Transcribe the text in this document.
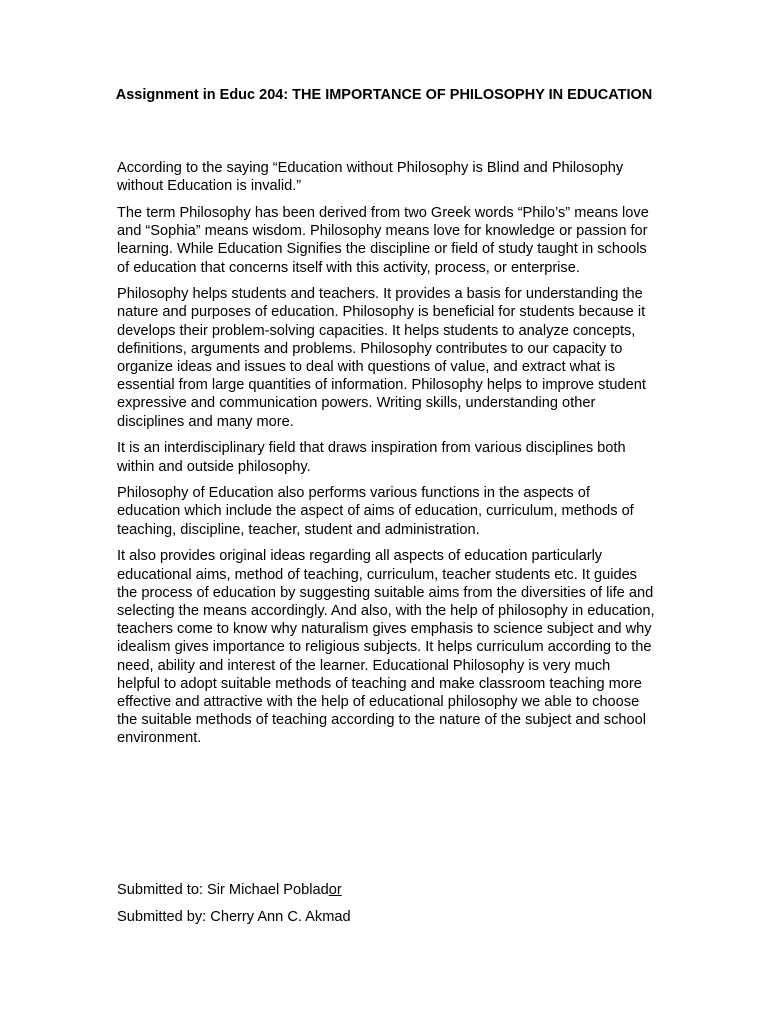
Assignment in Educ 204: THE IMPORTANCE OF PHILOSOPHY IN EDUCATION

According to the saying “Education without Philosophy is Blind and Philosophy without Education is invalid.”

The term Philosophy has been derived from two Greek words “Philo’s” means love and “Sophia” means wisdom. Philosophy means love for knowledge or passion for learning. While Education Signifies the discipline or field of study taught in schools of education that concerns itself with this activity, process, or enterprise.

Philosophy helps students and teachers. It provides a basis for understanding the nature and purposes of education. Philosophy is beneficial for students because it develops their problem-solving capacities. It helps students to analyze concepts, definitions, arguments and problems. Philosophy contributes to our capacity to organize ideas and issues to deal with questions of value, and extract what is essential from large quantities of information. Philosophy helps to improve student expressive and communication powers. Writing skills, understanding other disciplines and many more.

It is an interdisciplinary field that draws inspiration from various disciplines both within and outside philosophy.

Philosophy of Education also performs various functions in the aspects of education which include the aspect of aims of education, curriculum, methods of teaching, discipline, teacher, student and administration.

It also provides original ideas regarding all aspects of education particularly educational aims, method of teaching, curriculum, teacher students etc. It guides the process of education by suggesting suitable aims from the diversities of life and selecting the means accordingly. And also, with the help of philosophy in education, teachers come to know why naturalism gives emphasis to science subject and why idealism gives importance to religious subjects. It helps curriculum according to the need, ability and interest of the learner. Educational Philosophy is very much helpful to adopt suitable methods of teaching and make classroom teaching more effective and attractive with the help of educational philosophy we able to choose the suitable methods of teaching according to the nature of the subject and school environment.

Submitted to: Sir Michael Poblador
Submitted by: Cherry Ann C. Akmad
